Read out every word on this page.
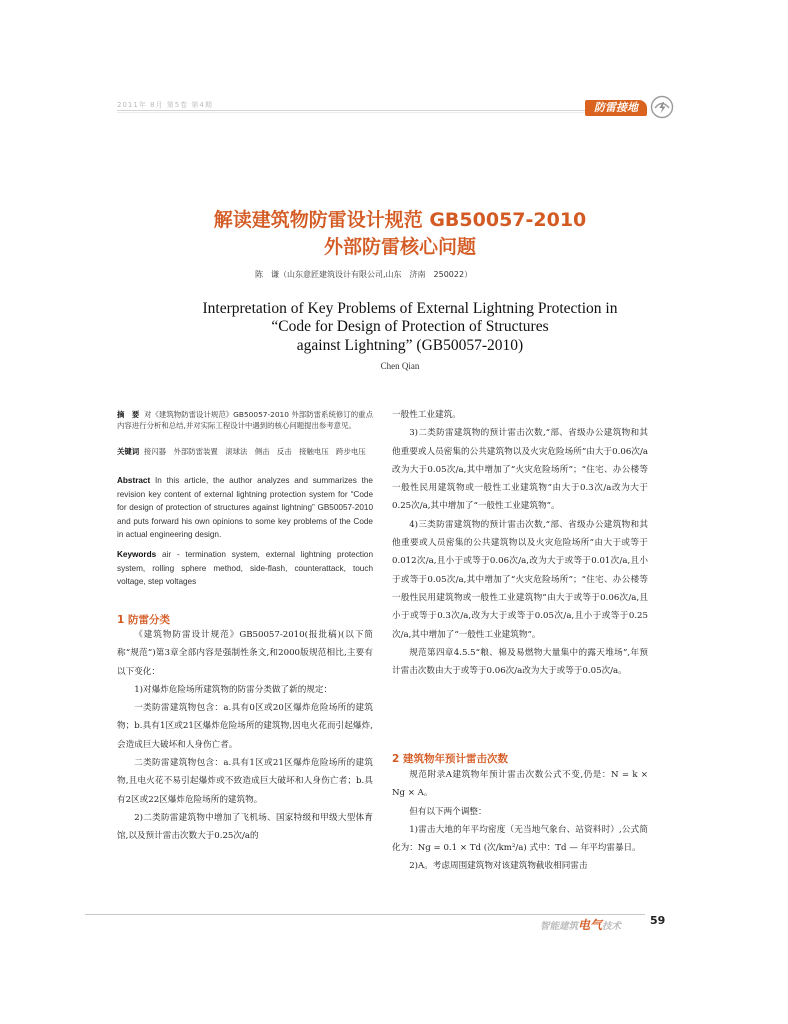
2011年 8月 第5卷 第4期	防雷接地
解读建筑物防雷设计规范 GB50057-2010
外部防雷核心问题
陈　谦（山东意匠建筑设计有限公司,山东　济南　250022）
Interpretation of Key Problems of External Lightning Protection in
“Code for Design of Protection of Structures
against Lightning” (GB50057-2010)
Chen Qian
摘　要 对《建筑物防雷设计规范》GB50057-2010 外部防雷系统修订的重点内容进行分析和总结,并对实际工程设计中遇到的核心问题提出参考意见。
关键词 接闪器　外部防雷装置　滚球法　侧击　反击　接触电压　跨步电压
Abstract In this article, the author analyzes and summarizes the revision key content of external lightning protection system for “Code for design of protection of structures against lightning” GB50057-2010 and puts forward his own opinions to some key problems of the Code in actual engineering design.
Keywords air - termination system, external lightning protection system, rolling sphere method, side-flash, counterattack, touch voltage, step voltages
1 防雷分类

《建筑物防雷设计规范》GB50057-2010(报批稿)(以下简称“规范”)第3章全部内容是强制性条文,和2000版规范相比,主要有以下变化：

1)对爆炸危险场所建筑物的防雷分类做了新的规定：

一类防雷建筑物包含：a.具有0区或20区爆炸危险场所的建筑物；b.具有1区或21区爆炸危险场所的建筑物,因电火花而引起爆炸,会造成巨大破坏和人身伤亡者。

二类防雷建筑物包含：a.具有1区或21区爆炸危险场所的建筑物,且电火花不易引起爆炸或不致造成巨大破坏和人身伤亡者；b.具有2区或22区爆炸危险场所的建筑物。

2)二类防雷建筑物中增加了飞机场、国家特级和甲级大型体育馆,以及预计雷击次数大于0.25次/a的

一般性工业建筑。

3)二类防雷建筑物的预计雷击次数,“部、省级办公建筑物和其他重要或人员密集的公共建筑物以及火灾危险场所”由大于0.06次/a改为大于0.05次/a,其中增加了“火灾危险场所”；“住宅、办公楼等一般性民用建筑物或一般性工业建筑物”由大于0.3次/a改为大于0.25次/a,其中增加了“一般性工业建筑物”。

4)三类防雷建筑物的预计雷击次数,“部、省级办公建筑物和其他重要或人员密集的公共建筑物以及火灾危险场所”由大于或等于0.012次/a,且小于或等于0.06次/a,改为大于或等于0.01次/a,且小于或等于0.05次/a,其中增加了“火灾危险场所”；“住宅、办公楼等一般性民用建筑物或一般性工业建筑物”由大于或等于0.06次/a,且小于或等于0.3次/a,改为大于或等于0.05次/a,且小于或等于0.25次/a,其中增加了“一般性工业建筑物”。

规范第四章4.5.5“粮、棉及易燃物大量集中的露天堆场”,年预计雷击次数由大于或等于0.06次/a改为大于或等于0.05次/a。

2 建筑物年预计雷击次数

规范附录A建筑物年预计雷击次数公式不变,仍是：N = k × Ng × A。

但有以下两个调整：

1)雷击大地的年平均密度（无当地气象台、站资料时）,公式简化为：Ng = 0.1 × Td (次/km²/a) 式中：Td — 年平均雷暴日。

2)A。考虑周围建筑物对该建筑物截收相同雷击

智能建筑电气技术	59
